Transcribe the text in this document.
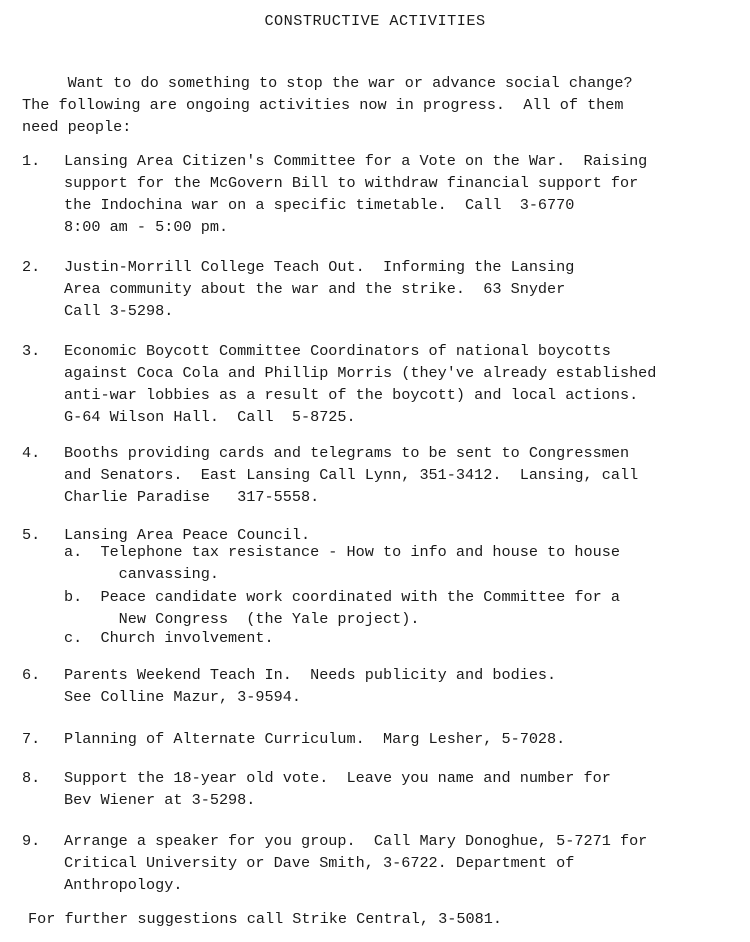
CONSTRUCTIVE ACTIVITIES
Want to do something to stop the war or advance social change?
The following are ongoing activities now in progress.  All of them
need people:
1.	Lansing Area Citizen's Committee for a Vote on the War.  Raising
support for the McGovern Bill to withdraw financial support for
the Indochina war on a specific timetable.  Call  3-6770
8:00 am - 5:00 pm.
2.	Justin-Morrill College Teach Out.  Informing the Lansing
Area community about the war and the strike.  63 Snyder
Call 3-5298.
3.	Economic Boycott Committee Coordinators of national boycotts
against Coca Cola and Phillip Morris (they've already established
anti-war lobbies as a result of the boycott) and local actions.
G-64 Wilson Hall.  Call  5-8725.
4.	Booths providing cards and telegrams to be sent to Congressmen
and Senators.  East Lansing Call Lynn, 351-3412.  Lansing, call
Charlie Paradise   317-5558.
5.	Lansing Area Peace Council.
a.  Telephone tax resistance - How to info and house to house
canvassing.
b.  Peace candidate work coordinated with the Committee for a
New Congress  (the Yale project).
c.  Church involvement.
6.	Parents Weekend Teach In.  Needs publicity and bodies.
See Colline Mazur, 3-9594.
7.	Planning of Alternate Curriculum.  Marg Lesher, 5-7028.
8.	Support the 18-year old vote.  Leave you name and number for
Bev Wiener at 3-5298.
9.	Arrange a speaker for you group.  Call Mary Donoghue, 5-7271 for
Critical University or Dave Smith, 3-6722. Department of
Anthropology.
For further suggestions call Strike Central, 3-5081.
